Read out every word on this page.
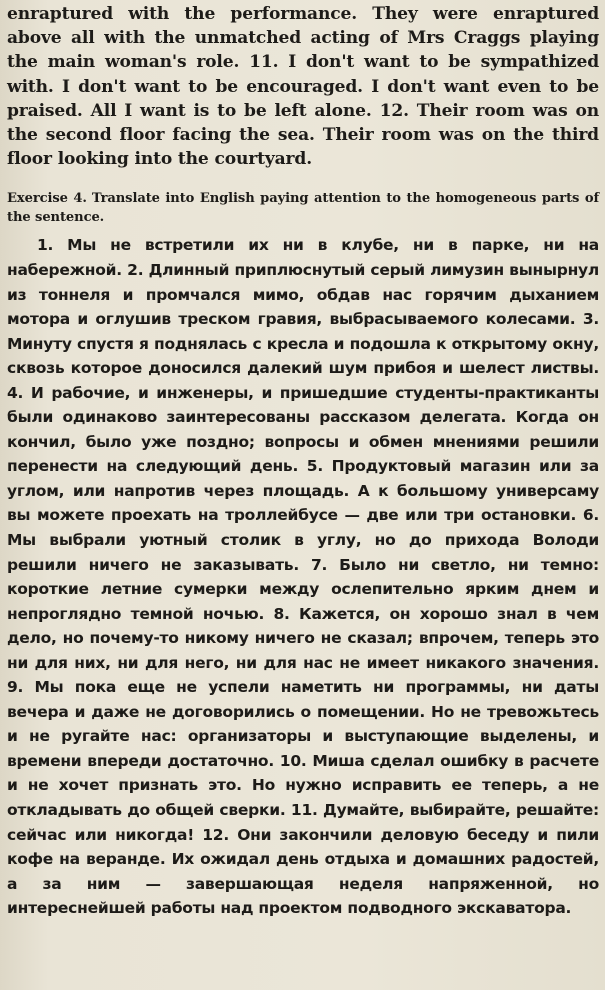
enraptured with the performance. They were enraptured above all with the unmatched acting of Mrs Craggs playing the main woman's role. 11. I don't want to be sympathized with. I don't want to be encouraged. I don't want even to be praised. All I want is to be left alone. 12. Their room was on the second floor facing the sea. Their room was on the third floor looking into the courtyard.

Exercise 4. Translate into English paying attention to the homogeneous parts of the sentence.

1. Мы не встретили их ни в клубе, ни в парке, ни на набережной. 2. Длинный приплюснутый серый лимузин вынырнул из тоннеля и промчался мимо, обдав нас горячим дыханием мотора и оглушив треском гравия, выбрасываемого колесами. 3. Минуту спустя я поднялась с кресла и подошла к открытому окну, сквозь которое доносился далекий шум прибоя и шелест листвы. 4. И рабочие, и инженеры, и пришедшие студенты-практиканты были одинаково заинтересованы рассказом делегата. Когда он кончил, было уже поздно; вопросы и обмен мнениями решили перенести на следующий день. 5. Продуктовый магазин или за углом, или напротив через площадь. А к большому универсаму вы можете проехать на троллейбусе — две или три остановки. 6. Мы выбрали уютный столик в углу, но до прихода Володи решили ничего не заказывать. 7. Было ни светло, ни темно: короткие летние сумерки между ослепительно ярким днем и непроглядно темной ночью. 8. Кажется, он хорошо знал в чем дело, но почему-то никому ничего не сказал; впрочем, теперь это ни для них, ни для него, ни для нас не имеет никакого значения. 9. Мы пока еще не успели наметить ни программы, ни даты вечера и даже не договорились о помещении. Но не тревожьтесь и не ругайте нас: организаторы и выступающие выделены, и времени впереди достаточно. 10. Миша сделал ошибку в расчете и не хочет признать это. Но нужно исправить ее теперь, а не откладывать до общей сверки. 11. Думайте, выбирайте, решайте: сейчас или никогда! 12. Они закончили деловую беседу и пили кофе на веранде. Их ожидал день отдыха и домашних радостей, а за ним — завершающая неделя напряженной, но интереснейшей работы над проектом подводного экскаватора.
